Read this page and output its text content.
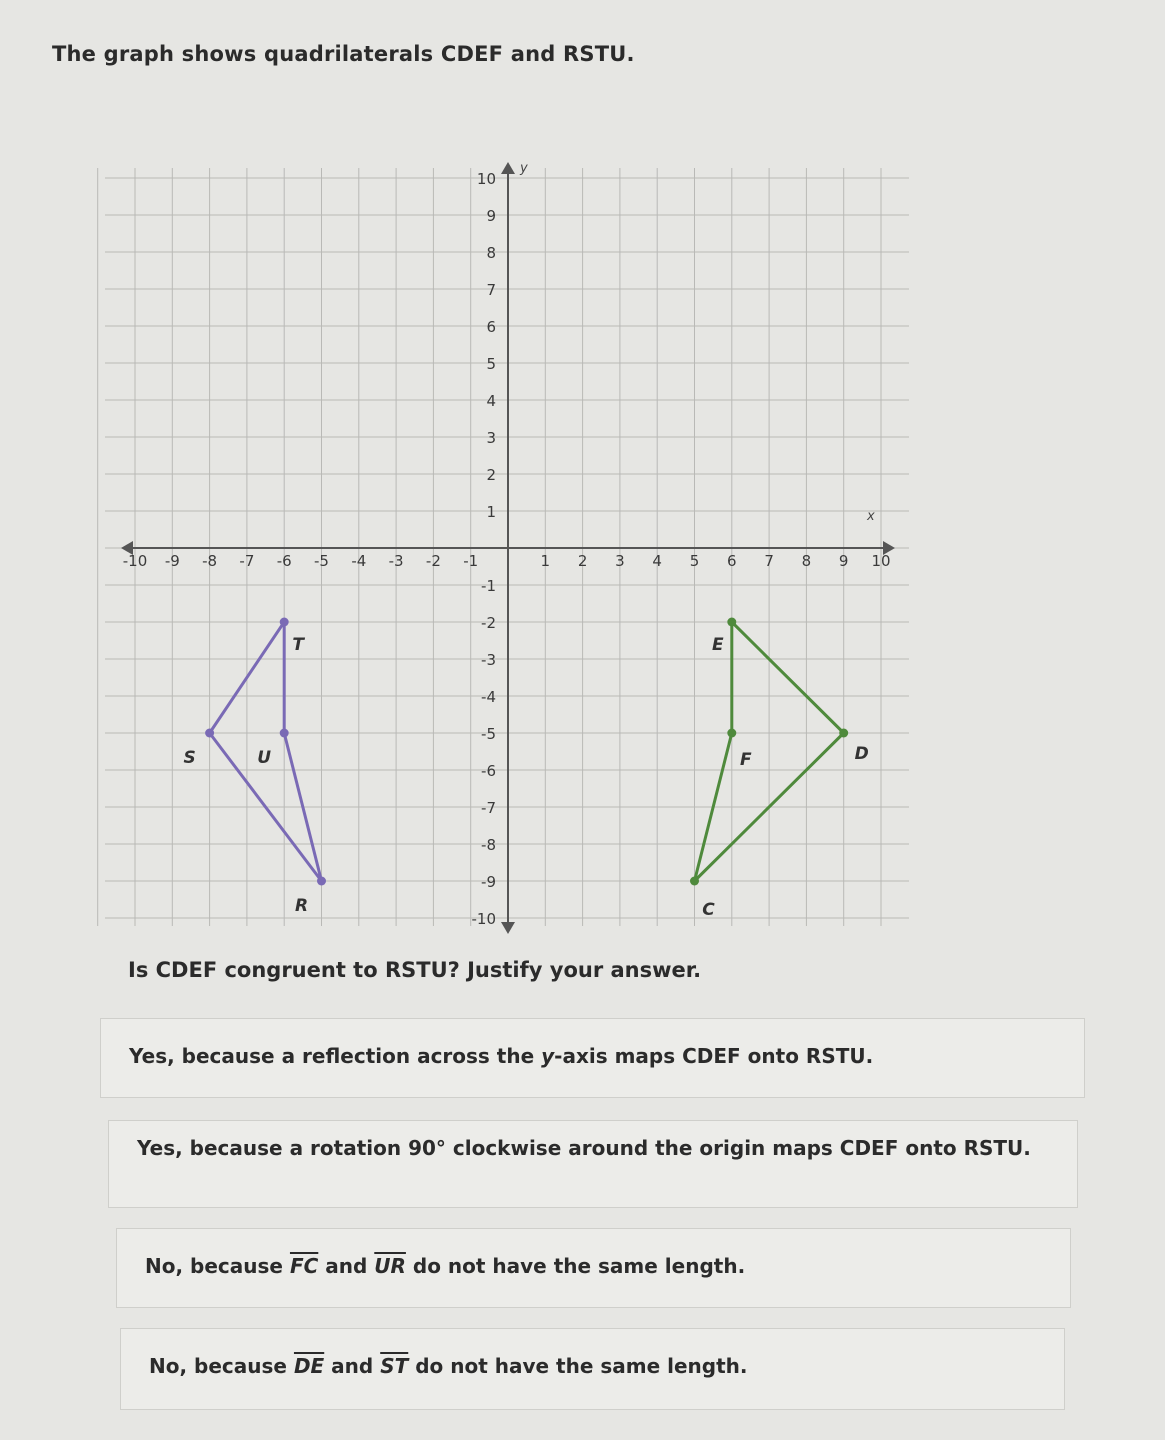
The graph shows quadrilaterals CDEF and RSTU.
x
y
-10 -9 -8 -7 -6 -5 -4 -3 -2 -1	1 2 3 4 5 6 7 8 9 10
10
9
8
7
6
5
4
3
2
1
-1
-2
-3
-4
-5
-6
-7
-8
-9
-10	C
D
E
F
R
S
T
U
Is CDEF congruent to RSTU? Justify your answer.
Yes, because a reflection across the y-axis maps CDEF onto RSTU.
Yes, because a rotation 90° clockwise around the origin maps CDEF onto RSTU.
No, because $\overline{FC}$ and $\overline{UR}$ do not have the same length.
No, because $\overline{DE}$ and $\overline{ST}$ do not have the same length.
